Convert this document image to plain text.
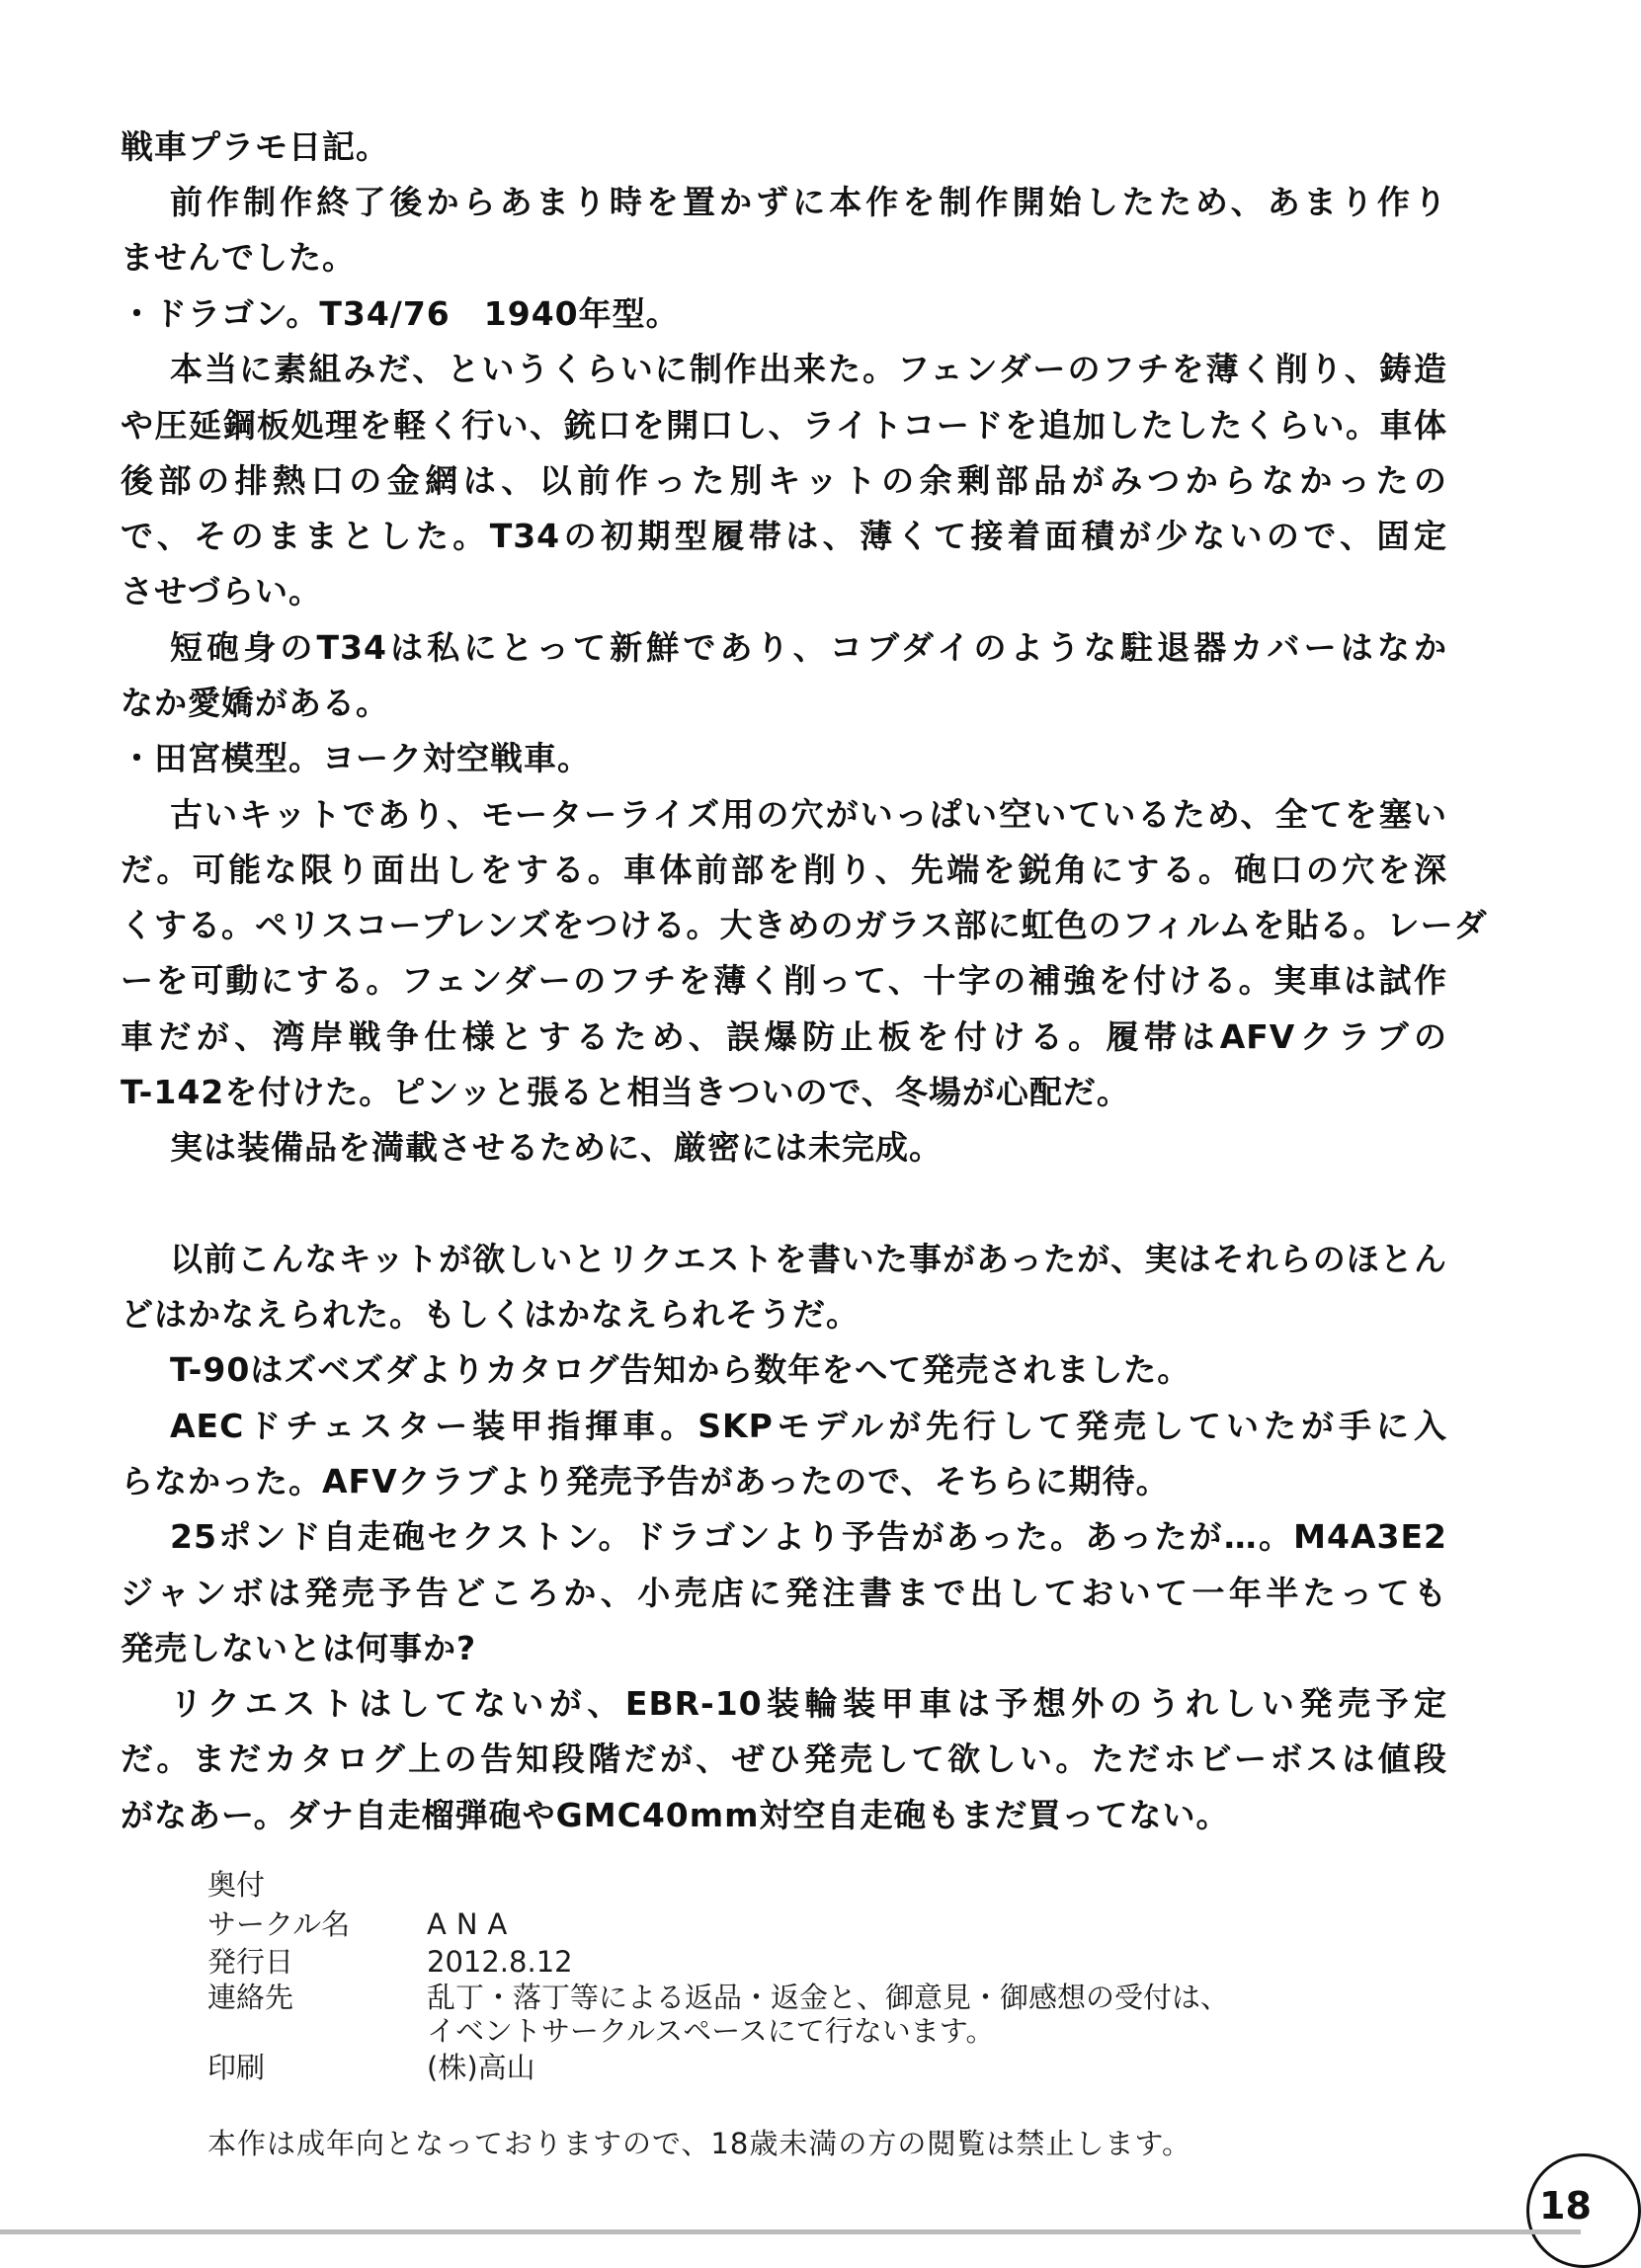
戦車プラモ日記。
前作制作終了後からあまり時を置かずに本作を制作開始したため、あまり作り
ませんでした。
・ドラゴン。T34/76　1940年型。
本当に素組みだ、というくらいに制作出来た。フェンダーのフチを薄く削り、鋳造
や圧延鋼板処理を軽く行い、銃口を開口し、ライトコードを追加したしたくらい。車体
後部の排熱口の金網は、以前作った別キットの余剰部品がみつからなかったの
で、そのままとした。T34の初期型履帯は、薄くて接着面積が少ないので、固定
させづらい。
短砲身のT34は私にとって新鮮であり、コブダイのような駐退器カバーはなか
なか愛嬌がある。
・田宮模型。ヨーク対空戦車。
古いキットであり、モーターライズ用の穴がいっぱい空いているため、全てを塞い
だ。可能な限り面出しをする。車体前部を削り、先端を鋭角にする。砲口の穴を深
くする。ペリスコープレンズをつける。大きめのガラス部に虹色のフィルムを貼る。レーダ
ーを可動にする。フェンダーのフチを薄く削って、十字の補強を付ける。実車は試作
車だが、湾岸戦争仕様とするため、誤爆防止板を付ける。履帯はAFVクラブの
T-142を付けた。ピンッと張ると相当きついので、冬場が心配だ。
実は装備品を満載させるために、厳密には未完成。
以前こんなキットが欲しいとリクエストを書いた事があったが、実はそれらのほとん
どはかなえられた。もしくはかなえられそうだ。
T-90はズベズダよりカタログ告知から数年をへて発売されました。
AECドチェスター装甲指揮車。SKPモデルが先行して発売していたが手に入
らなかった。AFVクラブより発売予告があったので、そちらに期待。
25ポンド自走砲セクストン。ドラゴンより予告があった。あったが…。M4A3E2
ジャンボは発売予告どころか、小売店に発注書まで出しておいて一年半たっても
発売しないとは何事か?
リクエストはしてないが、EBR-10装輪装甲車は予想外のうれしい発売予定
だ。まだカタログ上の告知段階だが、ぜひ発売して欲しい。ただホビーボスは値段
がなあー。ダナ自走榴弾砲やGMC40mm対空自走砲もまだ買ってない。
奥付
サークル名	ANA
発行日	2012.8.12
連絡先	乱丁・落丁等による返品・返金と、御意見・御感想の受付は、
イベントサークルスペースにて行ないます。
印刷	(株)高山
本作は成年向となっておりますので、18歳未満の方の閲覧は禁止します。
18
